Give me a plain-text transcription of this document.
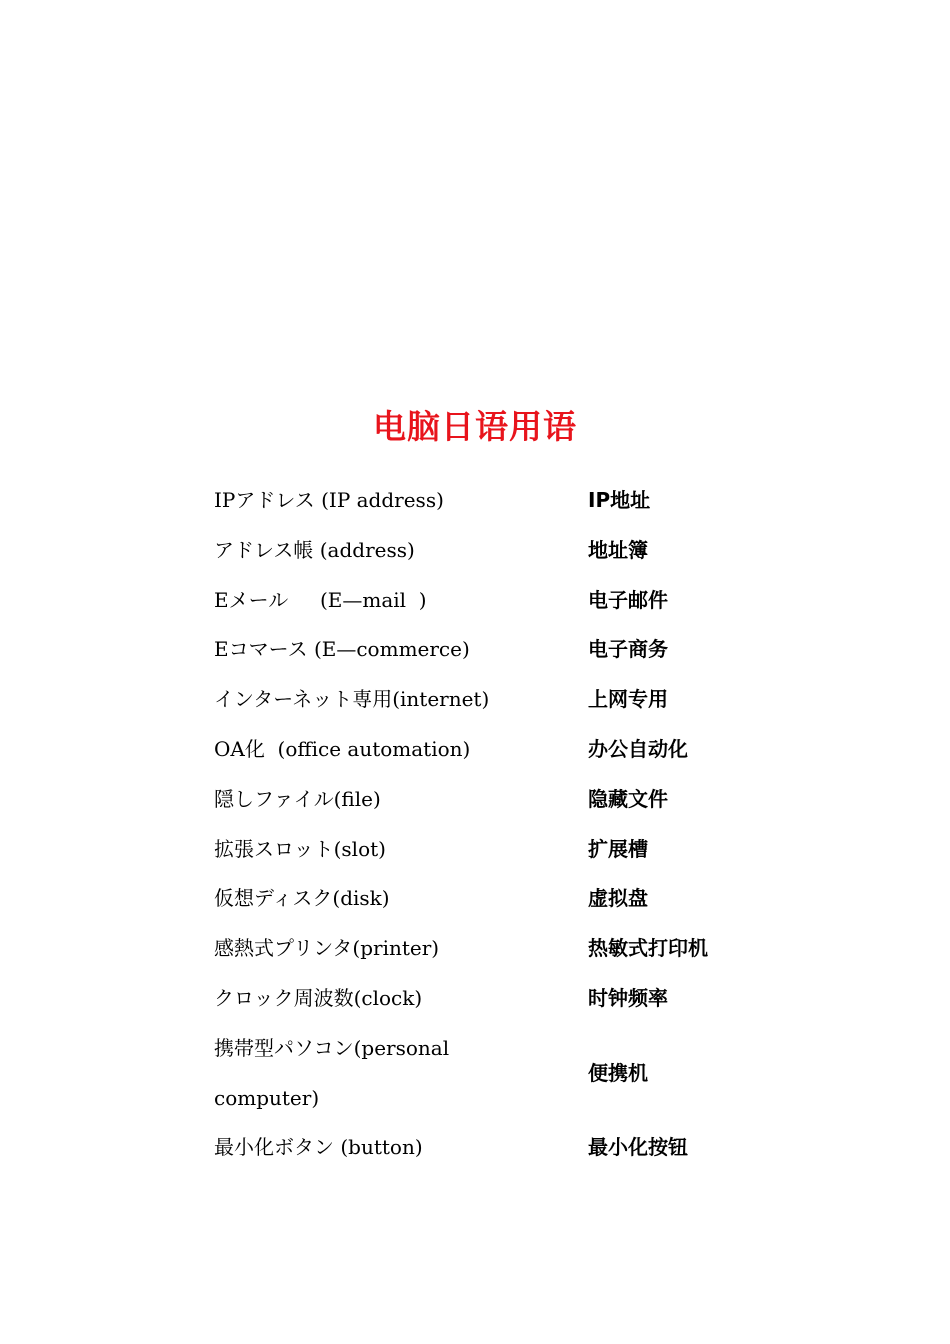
电脑日语用语
IPアドレス (IP address)	IP地址
アドレス帳 (address)	地址簿
Eメール     (E—mail  )	电子邮件
Eコマース (E—commerce)	电子商务
インターネット専用(internet)	上网专用
OA化  (office automation)	办公自动化
隠しファイル(file)	隐藏文件
拡張スロット(slot)	扩展槽
仮想ディスク(disk)	虚拟盘
感熱式プリンタ(printer)	热敏式打印机
クロック周波数(clock)	时钟频率
携帯型パソコン(personal
computer)	便携机
最小化ボタン (button)	最小化按钮
